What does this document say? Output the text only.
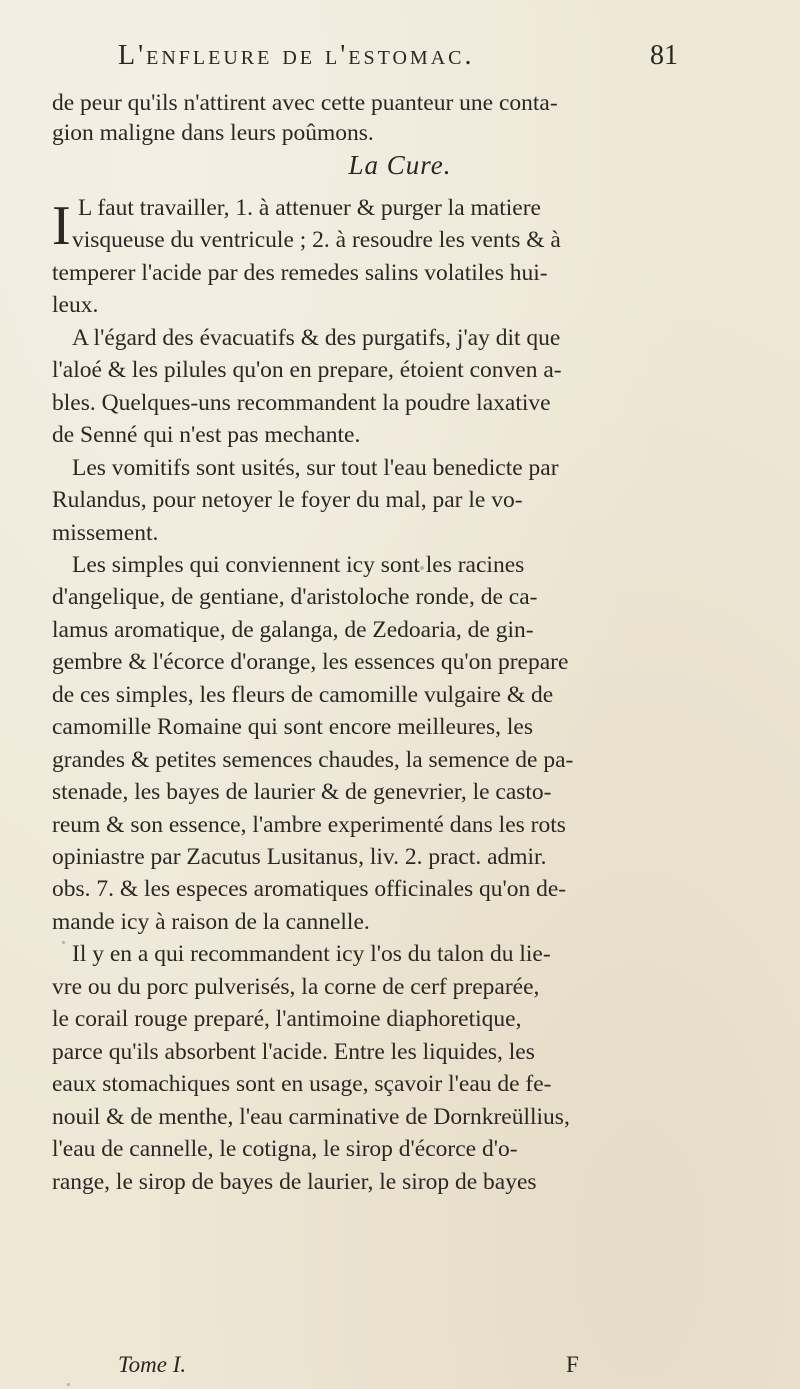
L'enfleure de l'estomac.	81
de peur qu'ils n'attirent avec cette puanteur une conta-
gion maligne dans leurs poûmons.
La Cure.
I L faut travailler, 1. à attenuer & purger la matiere
visqueuse du ventricule ; 2. à resoudre les vents & à
temperer l'acide par des remedes salins volatiles hui-
leux.
A l'égard des évacuatifs & des purgatifs, j'ay dit que
l'aloé & les pilules qu'on en prepare, étoient conven a-
bles. Quelques-uns recommandent la poudre laxative
de Senné qui n'est pas mechante.
Les vomitifs sont usités, sur tout l'eau benedicte par
Rulandus, pour netoyer le foyer du mal, par le vo-
missement.
Les simples qui conviennent icy sont les racines
d'angelique, de gentiane, d'aristoloche ronde, de ca-
lamus aromatique, de galanga, de Zedoaria, de gin-
gembre & l'écorce d'orange, les essences qu'on prepare
de ces simples, les fleurs de camomille vulgaire & de
camomille Romaine qui sont encore meilleures, les
grandes & petites semences chaudes, la semence de pa-
stenade, les bayes de laurier & de genevrier, le casto-
reum & son essence, l'ambre experimenté dans les rots
opiniastre par Zacutus Lusitanus, liv. 2. pract. admir.
obs. 7. & les especes aromatiques officinales qu'on de-
mande icy à raison de la cannelle.
Il y en a qui recommandent icy l'os du talon du lie-
vre ou du porc pulverisés, la corne de cerf preparée,
le corail rouge preparé, l'antimoine diaphoretique,
parce qu'ils absorbent l'acide. Entre les liquides, les
eaux stomachiques sont en usage, sçavoir l'eau de fe-
nouil & de menthe, l'eau carminative de Dornkreüllius,
l'eau de cannelle, le cotigna, le sirop d'écorce d'o-
range, le sirop de bayes de laurier, le sirop de bayes
Tome I.	F
